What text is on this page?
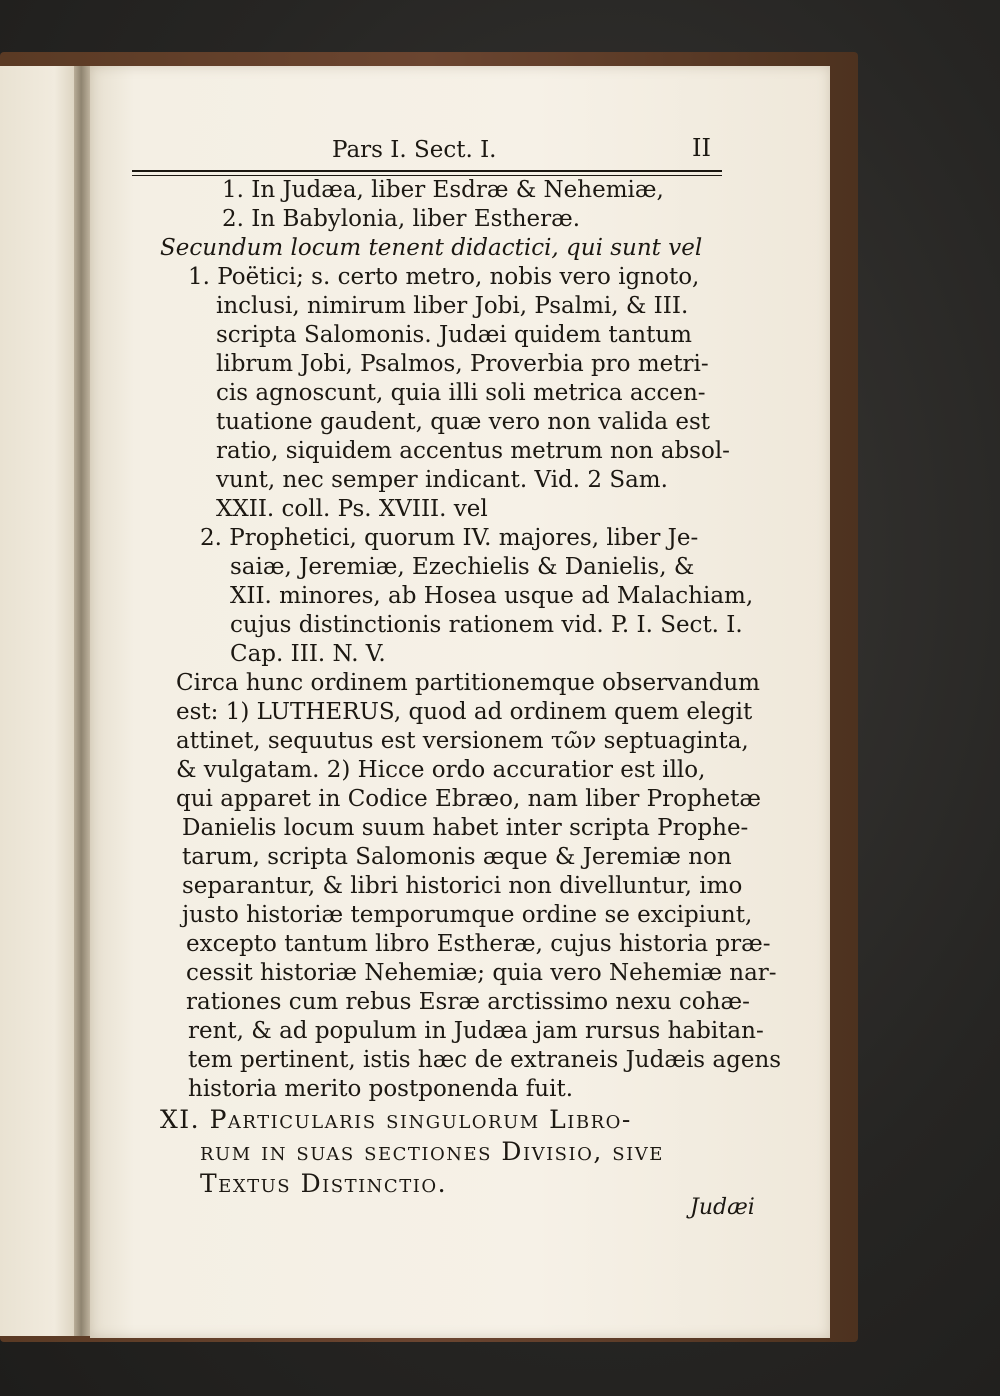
Pars I. Sect. I.	II
1. In Judæa, liber Esdræ & Nehemiæ,
2. In Babylonia, liber Estheræ.
Secundum locum tenent didactici, qui sunt vel
1. Poëtici; s. certo metro, nobis vero ignoto,
inclusi, nimirum liber Jobi, Psalmi, & III.
scripta Salomonis. Judæi quidem tantum
librum Jobi, Psalmos, Proverbia pro metri-
cis agnoscunt, quia illi soli metrica accen-
tuatione gaudent, quæ vero non valida est
ratio, siquidem accentus metrum non absol-
vunt, nec semper indicant. Vid. 2 Sam.
XXII. coll. Ps. XVIII. vel
2. Prophetici, quorum IV. majores, liber Je-
saiæ, Jeremiæ, Ezechielis & Danielis, &
XII. minores, ab Hosea usque ad Malachiam,
cujus distinctionis rationem vid. P. I. Sect. I.
Cap. III. N. V.
Circa hunc ordinem partitionemque observandum
est: 1) LUTHERUS, quod ad ordinem quem elegit
attinet, sequutus est versionem τῶν septuaginta,
& vulgatam. 2) Hicce ordo accuratior est illo,
qui apparet in Codice Ebræo, nam liber Prophetæ
Danielis locum suum habet inter scripta Prophe-
tarum, scripta Salomonis æque & Jeremiæ non
separantur, & libri historici non divelluntur, imo
justo historiæ temporumque ordine se excipiunt,
excepto tantum libro Estheræ, cujus historia præ-
cessit historiæ Nehemiæ; quia vero Nehemiæ nar-
rationes cum rebus Esræ arctissimo nexu cohæ-
rent, & ad populum in Judæa jam rursus habitan-
tem pertinent, istis hæc de extraneis Judæis agens
historia merito postponenda fuit.
XI. Particularis singulorum Libro-
rum in suas sectiones Divisio, sive
Textus Distinctio.
Judæi
